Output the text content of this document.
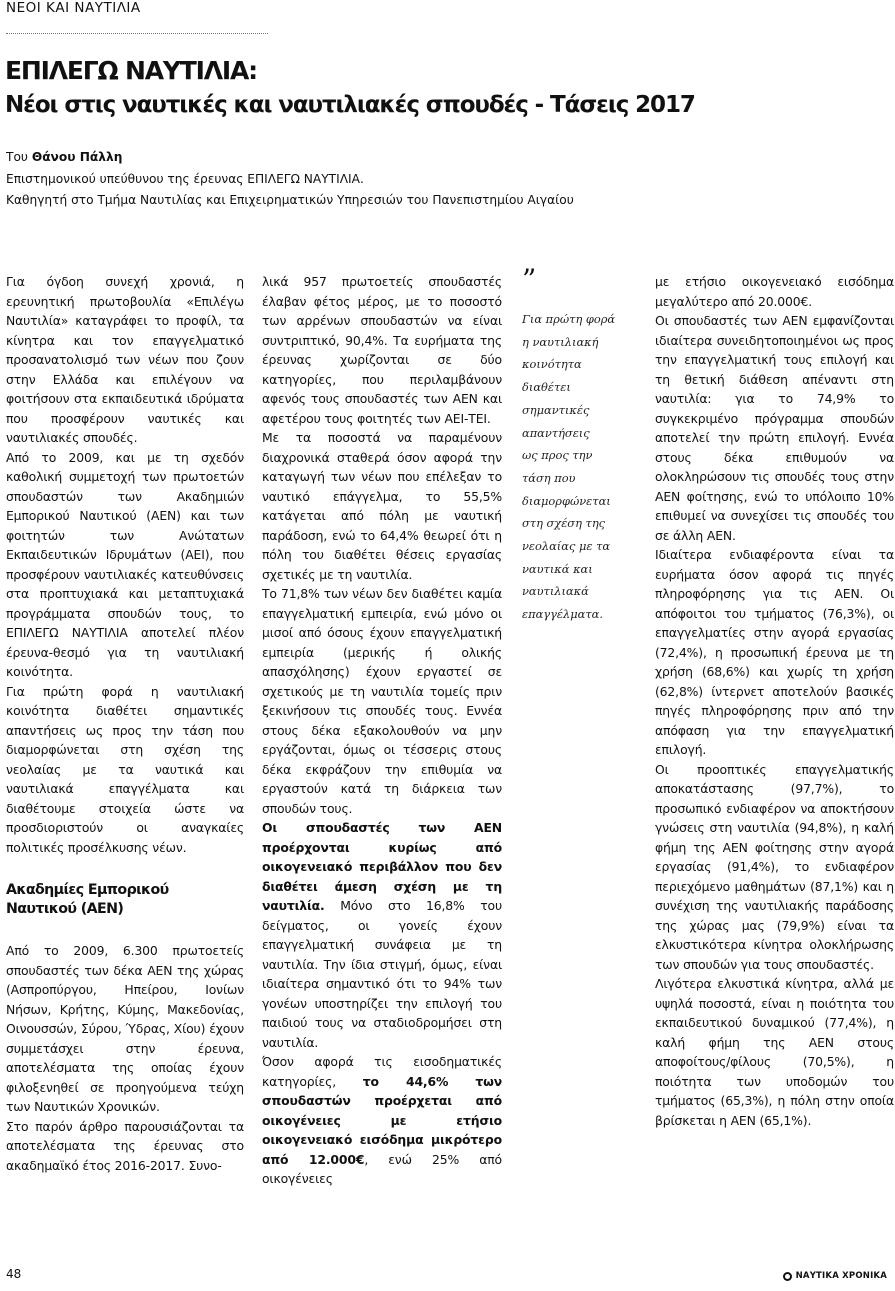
ΝΕΟΙ ΚΑΙ ΝΑΥΤΙΛΙΑ
ΕΠΙΛΕΓΩ ΝΑΥΤΙΛΙΑ:
Νέοι στις ναυτικές και ναυτιλιακές σπουδές - Τάσεις 2017
Του Θάνου Πάλλη
Επιστημονικού υπεύθυνου της έρευνας ΕΠΙΛΕΓΩ ΝΑΥΤΙΛΙΑ.
Καθηγητή στο Τμήμα Ναυτιλίας και Επιχειρηματικών Υπηρεσιών του Πανεπιστημίου Αιγαίου

Για όγδοη συνεχή χρονιά, η ερευνητική πρωτοβουλία «Επιλέγω Ναυτιλία» καταγράφει το προφίλ, τα κίνητρα και τον επαγγελματικό προσανατολισμό των νέων που ζουν στην Ελλάδα και επιλέγουν να φοιτήσουν στα εκπαιδευτικά ιδρύματα που προσφέρουν ναυτικές και ναυτιλιακές σπουδές.

Από το 2009, και με τη σχεδόν καθολική συμμετοχή των πρωτοετών σπουδαστών των Ακαδημιών Εμπορικού Ναυτικού (ΑΕΝ) και των φοιτητών των Ανώτατων Εκπαιδευτικών Ιδρυμάτων (ΑΕΙ), που προσφέρουν ναυτιλιακές κατευθύνσεις στα προπτυχιακά και μεταπτυχιακά προγράμματα σπουδών τους, το ΕΠΙΛΕΓΩ ΝΑΥΤΙΛΙΑ αποτελεί πλέον έρευνα-θεσμό για τη ναυτιλιακή κοινότητα.

Για πρώτη φορά η ναυτιλιακή κοινότητα διαθέτει σημαντικές απαντήσεις ως προς την τάση που διαμορφώνεται στη σχέση της νεολαίας με τα ναυτικά και ναυτιλιακά επαγγέλματα και διαθέτουμε στοιχεία ώστε να προσδιοριστούν οι αναγκαίες πολιτικές προσέλκυσης νέων.

Ακαδημίες Εμπορικού
Ναυτικού (ΑΕΝ)

Από το 2009, 6.300 πρωτοετείς σπουδαστές των δέκα ΑΕΝ της χώρας (Ασπροπύργου, Ηπείρου, Ιονίων Νήσων, Κρήτης, Κύμης, Μακεδονίας, Οινουσσών, Σύρου, Ύδρας, Χίου) έχουν συμμετάσχει στην έρευνα, αποτελέσματα της οποίας έχουν φιλοξενηθεί σε προηγούμενα τεύχη των Ναυτικών Χρονικών.

Στο παρόν άρθρο παρουσιάζονται τα αποτελέσματα της έρευνας στο ακαδημαϊκό έτος 2016-2017. Συνο-

λικά 957 πρωτοετείς σπουδαστές έλαβαν φέτος μέρος, με το ποσοστό των αρρένων σπουδαστών να είναι συντριπτικό, 90,4%. Τα ευρήματα της έρευνας χωρίζονται σε δύο κατηγορίες, που περιλαμβάνουν αφενός τους σπουδαστές των ΑΕΝ και αφετέρου τους φοιτητές των ΑΕΙ-ΤΕΙ.

Με τα ποσοστά να παραμένουν διαχρονικά σταθερά όσον αφορά την καταγωγή των νέων που επέλεξαν το ναυτικό επάγγελμα, το 55,5% κατάγεται από πόλη με ναυτική παράδοση, ενώ το 64,4% θεωρεί ότι η πόλη του διαθέτει θέσεις εργασίας σχετικές με τη ναυτιλία.

Το 71,8% των νέων δεν διαθέτει καμία επαγγελματική εμπειρία, ενώ μόνο οι μισοί από όσους έχουν επαγγελματική εμπειρία (μερικής ή ολικής απασχόλησης) έχουν εργαστεί σε σχετικούς με τη ναυτιλία τομείς πριν ξεκινήσουν τις σπουδές τους. Εννέα στους δέκα εξακολουθούν να μην εργάζονται, όμως οι τέσσερις στους δέκα εκφράζουν την επιθυμία να εργαστούν κατά τη διάρκεια των σπουδών τους.

Οι σπουδαστές των ΑΕΝ προέρχονται κυρίως από οικογενειακό περιβάλλον που δεν διαθέτει άμεση σχέση με τη ναυτιλία. Μόνο στο 16,8% του δείγματος, οι γονείς έχουν επαγγελματική συνάφεια με τη ναυτιλία. Την ίδια στιγμή, όμως, είναι ιδιαίτερα σημαντικό ότι το 94% των γονέων υποστηρίζει την επιλογή του παιδιού τους να σταδιοδρομήσει στη ναυτιλία.

Όσον αφορά τις εισοδηματικές κατηγορίες, το 44,6% των σπουδαστών προέρχεται από οικογένειες με ετήσιο οικογενειακό εισόδημα μικρότερο από 12.000€, ενώ 25% από οικογένειες

”
Για πρώτη φορά
η ναυτιλιακή
κοινότητα
διαθέτει
σημαντικές
απαντήσεις
ως προς την
τάση που
διαμορφώνεται
στη σχέση της
νεολαίας με τα
ναυτικά και
ναυτιλιακά
επαγγέλματα.

με ετήσιο οικογενειακό εισόδημα μεγαλύτερο από 20.000€.

Οι σπουδαστές των ΑΕΝ εμφανίζονται ιδιαίτερα συνειδητοποιημένοι ως προς την επαγγελματική τους επιλογή και τη θετική διάθεση απέναντι στη ναυτιλία: για το 74,9% το συγκεκριμένο πρόγραμμα σπουδών αποτελεί την πρώτη επιλογή. Εννέα στους δέκα επιθυμούν να ολοκληρώσουν τις σπουδές τους στην ΑΕΝ φοίτησης, ενώ το υπόλοιπο 10% επιθυμεί να συνεχίσει τις σπουδές του σε άλλη ΑΕΝ.

Ιδιαίτερα ενδιαφέροντα είναι τα ευρήματα όσον αφορά τις πηγές πληροφόρησης για τις ΑΕΝ. Οι απόφοιτοι του τμήματος (76,3%), οι επαγγελματίες στην αγορά εργασίας (72,4%), η προσωπική έρευνα με τη χρήση (68,6%) και χωρίς τη χρήση (62,8%) ίντερνετ αποτελούν βασικές πηγές πληροφόρησης πριν από την απόφαση για την επαγγελματική επιλογή.

Οι προοπτικές επαγγελματικής αποκατάστασης (97,7%), το προσωπικό ενδιαφέρον να αποκτήσουν γνώσεις στη ναυτιλία (94,8%), η καλή φήμη της ΑΕΝ φοίτησης στην αγορά εργασίας (91,4%), το ενδιαφέρον περιεχόμενο μαθημάτων (87,1%) και η συνέχιση της ναυτιλιακής παράδοσης της χώρας μας (79,9%) είναι τα ελκυστικότερα κίνητρα ολοκλήρωσης των σπουδών για τους σπουδαστές.

Λιγότερα ελκυστικά κίνητρα, αλλά με υψηλά ποσοστά, είναι η ποιότητα του εκπαιδευτικού δυναμικού (77,4%), η καλή φήμη της ΑΕΝ στους αποφοίτους/φίλους (70,5%), η ποιότητα των υποδομών του τμήματος (65,3%), η πόλη στην οποία βρίσκεται η ΑΕΝ (65,1%).

48	ΝΑΥΤΙΚΑ ΧΡΟΝΙΚΑ
